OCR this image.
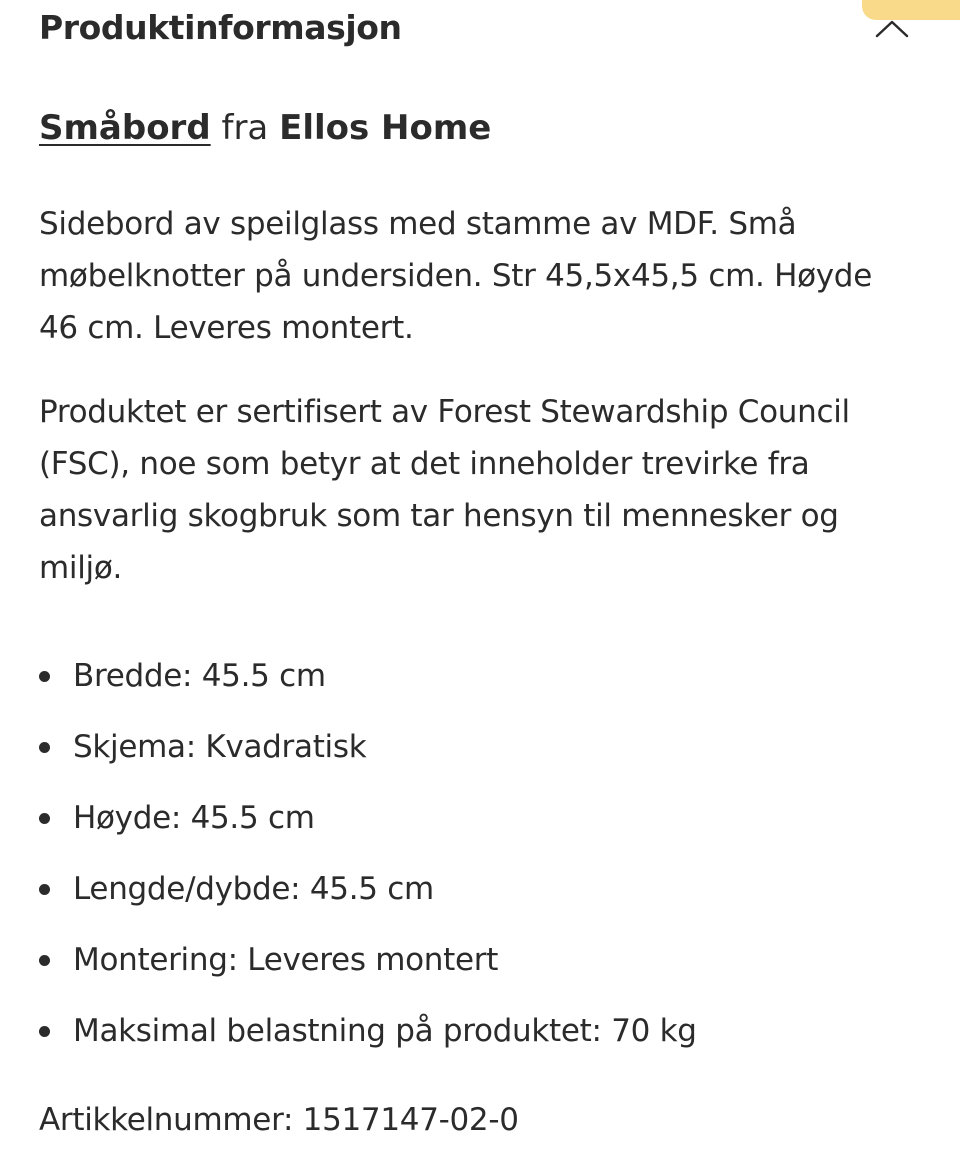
Produktinformasjon

Småbord fra Ellos Home

Sidebord av speilglass med stamme av MDF. Små møbelknotter på undersiden. Str 45,5x45,5 cm. Høyde 46 cm. Leveres montert.

Produktet er sertifisert av Forest Stewardship Council (FSC), noe som betyr at det inneholder trevirke fra ansvarlig skogbruk som tar hensyn til mennesker og miljø.

Bredde: 45.5 cm
Skjema: Kvadratisk
Høyde: 45.5 cm
Lengde/dybde: 45.5 cm
Montering: Leveres montert
Maksimal belastning på produktet: 70 kg

Artikkelnummer: 1517147-02-0
